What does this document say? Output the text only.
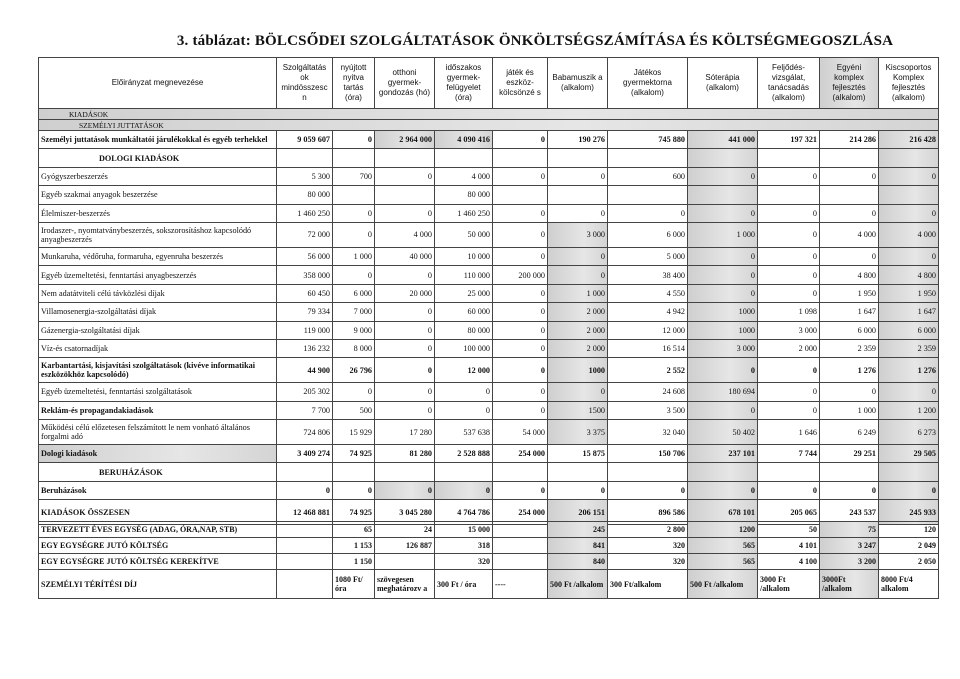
3. táblázat: BÖLCSŐDEI SZOLGÁLTATÁSOK ÖNKÖLTSÉGSZÁMÍTÁSA ÉS KÖLTSÉGMEGOSZLÁSA
Előirányzat megnevezése	Szolgáltatás ok mindösszesc n	nyújtott nyitva tartás (óra)	otthoni gyermek-gondozás (hó)	időszakos gyermek-felügyelet (óra)	játék és eszköz-kölcsönzé s	Babamuszik a (alkalom)	Játékos gyermektorna (alkalom)	Sóterápia (alkalom)	Feljődés-vizsgálat, tanácsadás (alkalom)	Egyéni komplex fejlesztés (alkalom)	Kiscsoportos Komplex fejlesztés (alkalom)
KIADÁSOK											
SZEMÉLYI JUTTATÁSOK											
Személyi juttatások munkáltatói járulékokkal és egyéb terhekkel	9 059 607	0	2 964 000	4 090 416	0	190 276	745 880	441 000	197 321	214 286	216 428
DOLOGI KIADÁSOK											
Gyógyszerbeszerzés	5 300	700	0	4 000	0	0	600	0	0	0	0
Egyéb szakmai anyagok beszerzése	80 000			80 000							
Élelmiszer-beszerzés	1 460 250	0	0	1 460 250	0	0	0	0	0	0	0
Irodaszer-, nyomtatványbeszerzés, sokszorosításhoz kapcsolódó anyagbeszerzés	72 000	0	4 000	50 000	0	3 000	6 000	1 000	0	4 000	4 000
Munkaruha, védőruha, formaruha, egyenruha beszerzés	56 000	1 000	40 000	10 000	0	0	5 000	0	0	0	0
Egyéb üzemeltetési, fenntartási anyagbeszerzés	358 000	0	0	110 000	200 000	0	38 400	0	0	4 800	4 800
Nem adatátviteli célú távközlési díjak	60 450	6 000	20 000	25 000	0	1 000	4 550	0	0	1 950	1 950
Villamosenergia-szolgáltatási díjak	79 334	7 000	0	60 000	0	2 000	4 942	1000	1 098	1 647	1 647
Gázenergia-szolgáltatási díjak	119 000	9 000	0	80 000	0	2 000	12 000	1000	3 000	6 000	6 000
Víz-és csatornadíjak	136 232	8 000	0	100 000	0	2 000	16 514	3 000	2 000	2 359	2 359
Karbantartási, kisjavítási szolgáltatások (kivéve informatikai eszközökhöz kapcsolódó)	44 900	26 796	0	12 000	0	1000	2 552	0	0	1 276	1 276
Egyéb üzemeltetési, fenntartási szolgáltatások	205 302	0	0	0	0	0	24 608	180 694	0	0	0
Reklám-és propagandakiadások	7 700	500	0	0	0	1500	3 500	0	0	1 000	1 200
Működési célú előzetesen felszámított le nem vonható általános forgalmi adó	724 806	15 929	17 280	537 638	54 000	3 375	32 040	50 402	1 646	6 249	6 273
Dologi kiadások	3 409 274	74 925	81 280	2 528 888	254 000	15 875	150 706	237 101	7 744	29 251	29 505
BERUHÁZÁSOK											
Beruházások	0	0	0	0	0	0	0	0	0	0	0
KIADÁSOK ÖSSZESEN	12 468 881	74 925	3 045 280	4 764 786	254 000	206 151	896 586	678 101	205 065	243 537	245 933
TERVEZETT ÉVES EGYSÉG (ADAG, ÓRA,NAP, STB)		65	24	15 000		245	2 800	1200	50	75	120
EGY EGYSÉGRE JUTÓ KÖLTSÉG		1 153	126 887	318		841	320	565	4 101	3 247	2 049
EGY EGYSÉGRE JUTÓ KÖLTSÉG KEREKÍTVE		1 150		320		840	320	565	4 100	3 200	2 050
SZEMÉLYI TÉRÍTÉSI DÍJ		1080 Ft/óra	szövegesen meghatározv a	300 Ft / óra	----	500 Ft /alkalom	300 Ft/alkalom	500 Ft /alkalom	3000 Ft /alkalom	3000Ft /alkalom	8000 Ft/4 alkalom
